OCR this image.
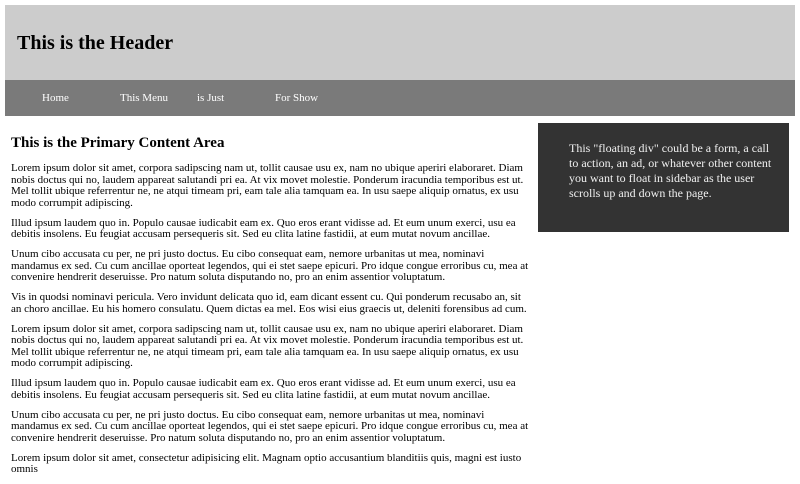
This is the Header
Home	This Menu	is Just	For Show
This is the Primary Content Area

Lorem ipsum dolor sit amet, corpora sadipscing nam ut, tollit causae usu ex, nam no ubique aperiri elaboraret. Diam nobis doctus qui no, laudem appareat salutandi pri ea. At vix movet molestie. Ponderum iracundia temporibus est ut. Mel tollit ubique referrentur ne, ne atqui timeam pri, eam tale alia tamquam ea. In usu saepe aliquip ornatus, ex usu modo corrumpit adipiscing.

Illud ipsum laudem quo in. Populo causae iudicabit eam ex. Quo eros erant vidisse ad. Et eum unum exerci, usu ea debitis insolens. Eu feugiat accusam persequeris sit. Sed eu clita latine fastidii, at eum mutat novum ancillae.

Unum cibo accusata cu per, ne pri justo doctus. Eu cibo consequat eam, nemore urbanitas ut mea, nominavi mandamus ex sed. Cu cum ancillae oporteat legendos, qui ei stet saepe epicuri. Pro idque congue erroribus cu, mea at convenire hendrerit deseruisse. Pro natum soluta disputando no, pro an enim assentior voluptatum.

Vis in quodsi nominavi pericula. Vero invidunt delicata quo id, eam dicant essent cu. Qui ponderum recusabo an, sit an choro ancillae. Eu his homero consulatu. Quem dictas ea mel. Eos wisi eius graecis ut, deleniti forensibus ad cum.

Lorem ipsum dolor sit amet, corpora sadipscing nam ut, tollit causae usu ex, nam no ubique aperiri elaboraret. Diam nobis doctus qui no, laudem appareat salutandi pri ea. At vix movet molestie. Ponderum iracundia temporibus est ut. Mel tollit ubique referrentur ne, ne atqui timeam pri, eam tale alia tamquam ea. In usu saepe aliquip ornatus, ex usu modo corrumpit adipiscing.

Illud ipsum laudem quo in. Populo causae iudicabit eam ex. Quo eros erant vidisse ad. Et eum unum exerci, usu ea debitis insolens. Eu feugiat accusam persequeris sit. Sed eu clita latine fastidii, at eum mutat novum ancillae.

Unum cibo accusata cu per, ne pri justo doctus. Eu cibo consequat eam, nemore urbanitas ut mea, nominavi mandamus ex sed. Cu cum ancillae oporteat legendos, qui ei stet saepe epicuri. Pro idque congue erroribus cu, mea at convenire hendrerit deseruisse. Pro natum soluta disputando no, pro an enim assentior voluptatum.

Lorem ipsum dolor sit amet, consectetur adipisicing elit. Magnam optio accusantium blanditiis quis, magni est iusto omnis

This "floating div" could be a form, a call to action, an ad, or whatever other content you want to float in sidebar as the user scrolls up and down the page.
